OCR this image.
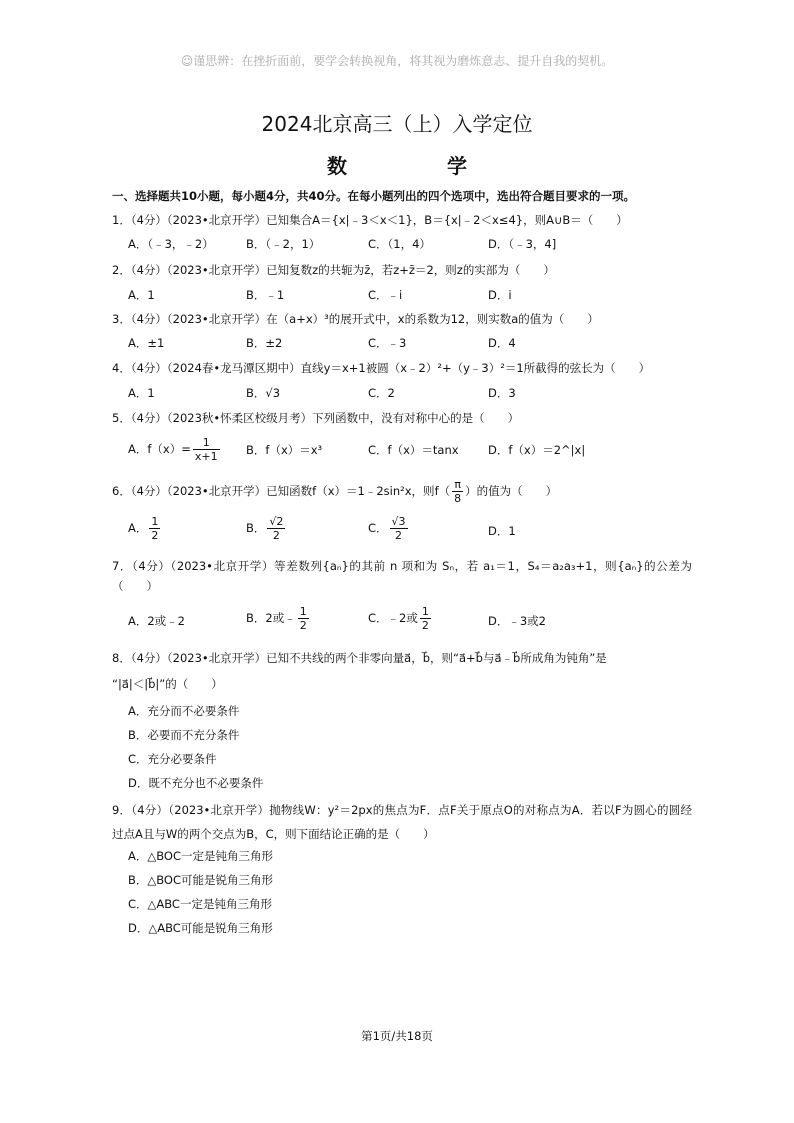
☺谨思辨：在挫折面前，要学会转换视角，将其视为磨炼意志、提升自我的契机。
2024北京高三（上）入学定位
数　学
一、选择题共10小题，每小题4分，共40分。在每小题列出的四个选项中，选出符合题目要求的一项。
1．（4分）（2023•北京开学）已知集合A＝{x|﹣3＜x＜1}，B＝{x|﹣2＜x≤4}，则A∪B＝（　　）
A．（﹣3，﹣2）	B．（﹣2，1）	C．（1，4）	D．（﹣3，4]
2．（4分）（2023•北京开学）已知复数z的共轭为z̄，若z+z̄＝2，则z的实部为（　　）
A．1	B．﹣1	C．﹣i	D．i
3．（4分）（2023•北京开学）在（a+x）³的展开式中，x的系数为12，则实数a的值为（　　）
A．±1	B．±2	C．﹣3	D．4
4．（4分）（2024春•龙马潭区期中）直线y＝x+1被圆（x﹣2）²+（y﹣3）²＝1所截得的弦长为（　　）
A．1	B．√3	C．2	D．3
5．（4分）（2023秋•怀柔区校级月考）下列函数中，没有对称中心的是（　　）
A．$f(x)= \frac{1}{x+1}$ B．f（x）＝x³	C．f（x）＝tanx	D．f（x）＝2^|x|
6．（4分）（2023•北京开学）已知函数f（x）＝1﹣2sin²x，则$f( \frac{\pi}{8}$ ）的值为（　　）
A． $\frac{1}{2}$	B． $\frac{√2}{2}$	C． $\frac{√3}{2}$	D．1
7．（4分）（2023•北京开学）等差数列{aₙ}的其前 n 项和为 Sₙ，若 a₁＝1，S₄＝a₂a₃+1，则{aₙ}的公差为（　　）
A．2或﹣2	B．2或﹣ $\frac{1}{2}$	C．﹣2或 $\frac{1}{2}$	D．﹣3或2
8．（4分）（2023•北京开学）已知不共线的两个非零向量a⃗，b⃗，则“a⃗+b⃗与a⃗﹣b⃗所成角为钝角”是
“|a⃗|＜|b⃗|”的（　　）
A．充分而不必要条件
B．必要而不充分条件
C．充分必要条件
D．既不充分也不必要条件
9．（4分）（2023•北京开学）抛物线W：y²＝2px的焦点为F．点F关于原点O的对称点为A．若以F为圆心的圆经过点A且与W的两个交点为B，C，则下面结论正确的是（　　）
A．△BOC一定是钝角三角形
B．△BOC可能是锐角三角形
C．△ABC一定是钝角三角形
D．△ABC可能是锐角三角形
第1页/共18页
